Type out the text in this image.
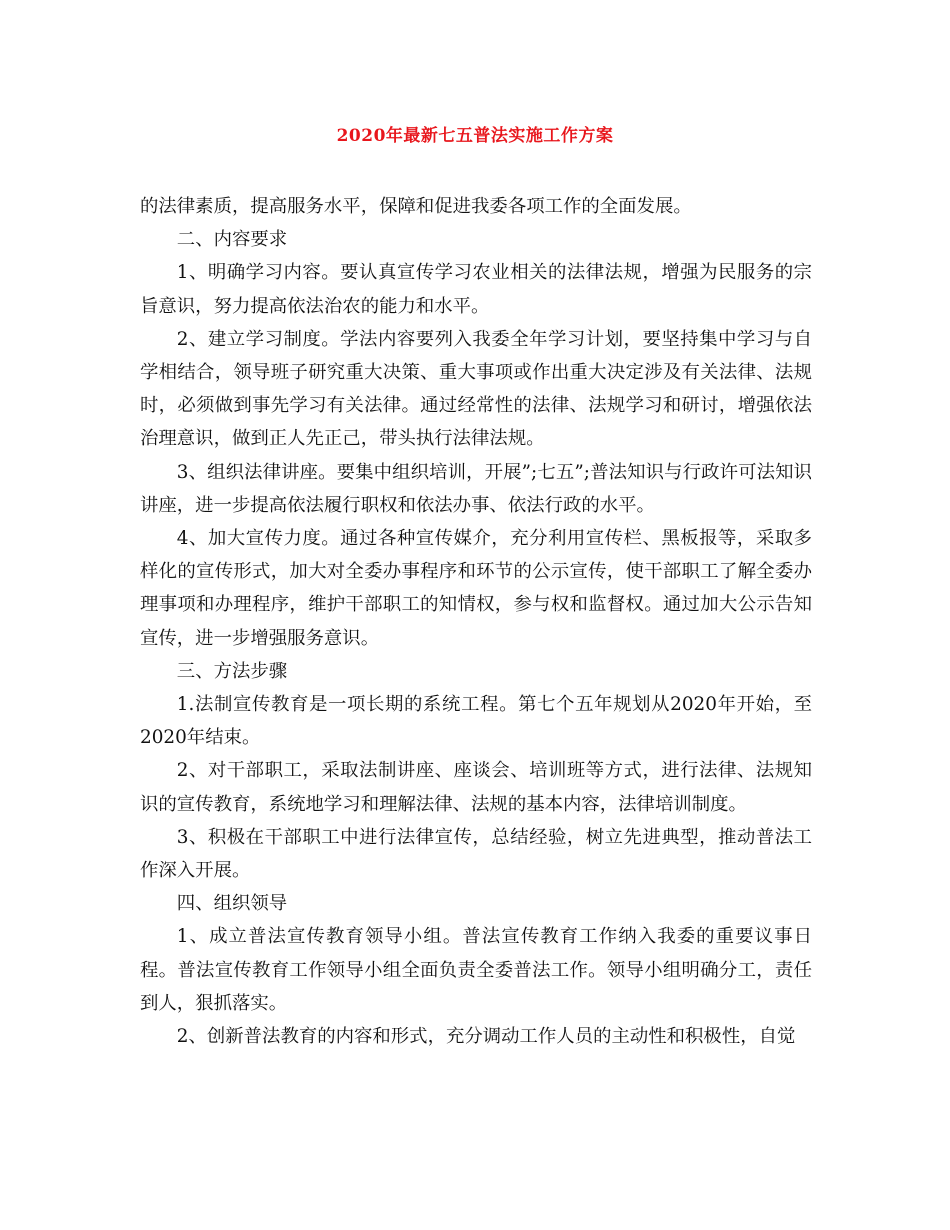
2020年最新七五普法实施工作方案

的法律素质，提高服务水平，保障和促进我委各项工作的全面发展。

二、内容要求

1、明确学习内容。要认真宣传学习农业相关的法律法规，增强为民服务的宗旨意识，努力提高依法治农的能力和水平。

2、建立学习制度。学法内容要列入我委全年学习计划，要坚持集中学习与自学相结合，领导班子研究重大决策、重大事项或作出重大决定涉及有关法律、法规时，必须做到事先学习有关法律。通过经常性的法律、法规学习和研讨，增强依法治理意识，做到正人先正己，带头执行法律法规。

3、组织法律讲座。要集中组织培训，开展”;七五”;普法知识与行政许可法知识讲座，进一步提高依法履行职权和依法办事、依法行政的水平。

4、加大宣传力度。通过各种宣传媒介，充分利用宣传栏、黑板报等，采取多样化的宣传形式，加大对全委办事程序和环节的公示宣传，使干部职工了解全委办理事项和办理程序，维护干部职工的知情权，参与权和监督权。通过加大公示告知宣传，进一步增强服务意识。

三、方法步骤

1.法制宣传教育是一项长期的系统工程。第七个五年规划从2020年开始，至2020年结束。

2、对干部职工，采取法制讲座、座谈会、培训班等方式，进行法律、法规知识的宣传教育，系统地学习和理解法律、法规的基本内容，法律培训制度。

3、积极在干部职工中进行法律宣传，总结经验，树立先进典型，推动普法工作深入开展。

四、组织领导

1、成立普法宣传教育领导小组。普法宣传教育工作纳入我委的重要议事日程。普法宣传教育工作领导小组全面负责全委普法工作。领导小组明确分工，责任到人，狠抓落实。

2、创新普法教育的内容和形式，充分调动工作人员的主动性和积极性，自觉
